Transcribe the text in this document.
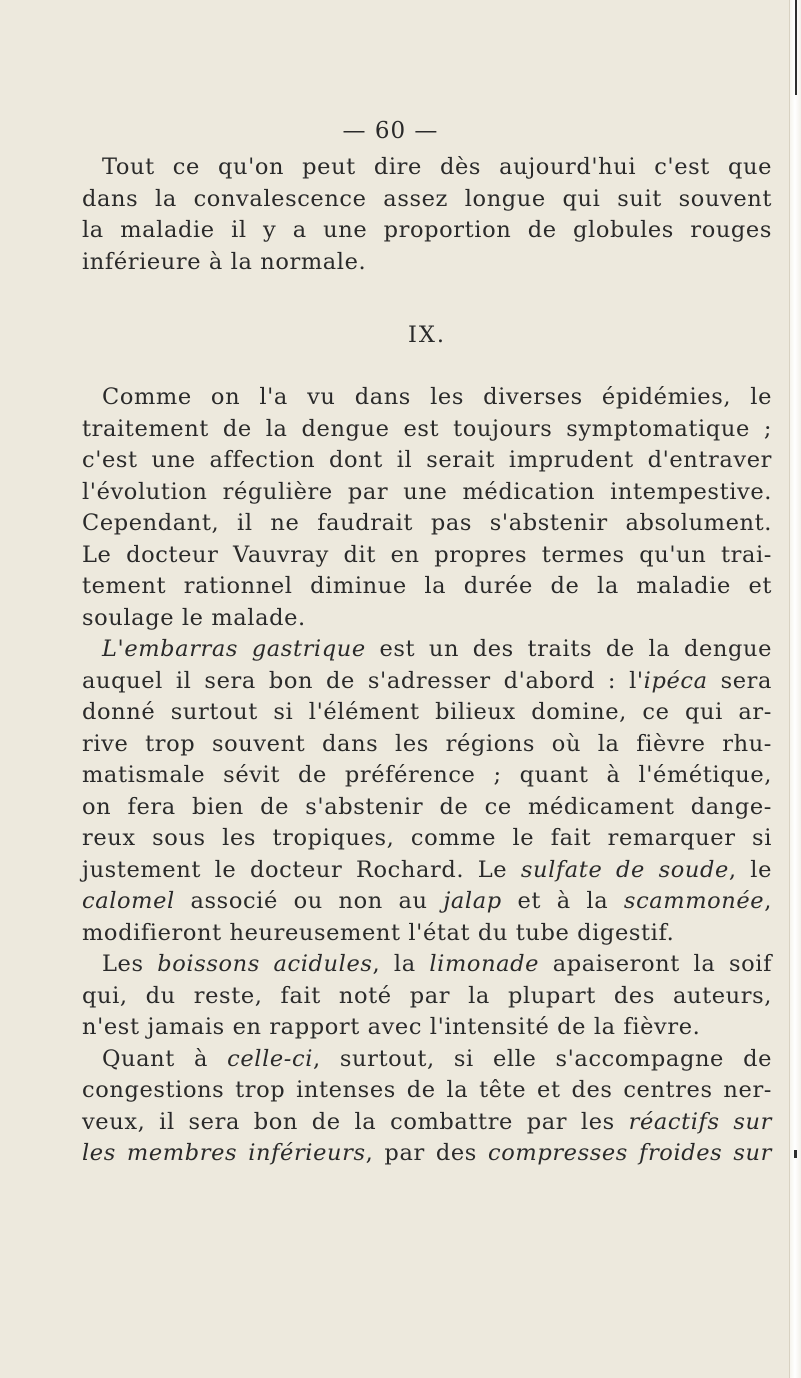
— 60 —
Tout ce qu'on peut dire dès aujourd'hui c'est que
dans la convalescence assez longue qui suit souvent
la maladie il y a une proportion de globules rouges
inférieure à la normale.
IX.
Comme on l'a vu dans les diverses épidémies, le
traitement de la dengue est toujours symptomatique ;
c'est une affection dont il serait imprudent d'entraver
l'évolution régulière par une médication intempestive.
Cependant, il ne faudrait pas s'abstenir absolument.
Le docteur Vauvray dit en propres termes qu'un trai-
tement rationnel diminue la durée de la maladie et
soulage le malade.
L'embarras gastrique est un des traits de la dengue
auquel il sera bon de s'adresser d'abord : l'ipéca sera
donné surtout si l'élément bilieux domine, ce qui ar-
rive trop souvent dans les régions où la fièvre rhu-
matismale sévit de préférence ; quant à l'émétique,
on fera bien de s'abstenir de ce médicament dange-
reux sous les tropiques, comme le fait remarquer si
justement le docteur Rochard. Le sulfate de soude, le
calomel associé ou non au jalap et à la scammonée,
modifieront heureusement l'état du tube digestif.
Les boissons acidules, la limonade apaiseront la soif
qui, du reste, fait noté par la plupart des auteurs,
n'est jamais en rapport avec l'intensité de la fièvre.
Quant à celle-ci, surtout, si elle s'accompagne de
congestions trop intenses de la tête et des centres ner-
veux, il sera bon de la combattre par les réactifs sur
les membres inférieurs, par des compresses froides sur
